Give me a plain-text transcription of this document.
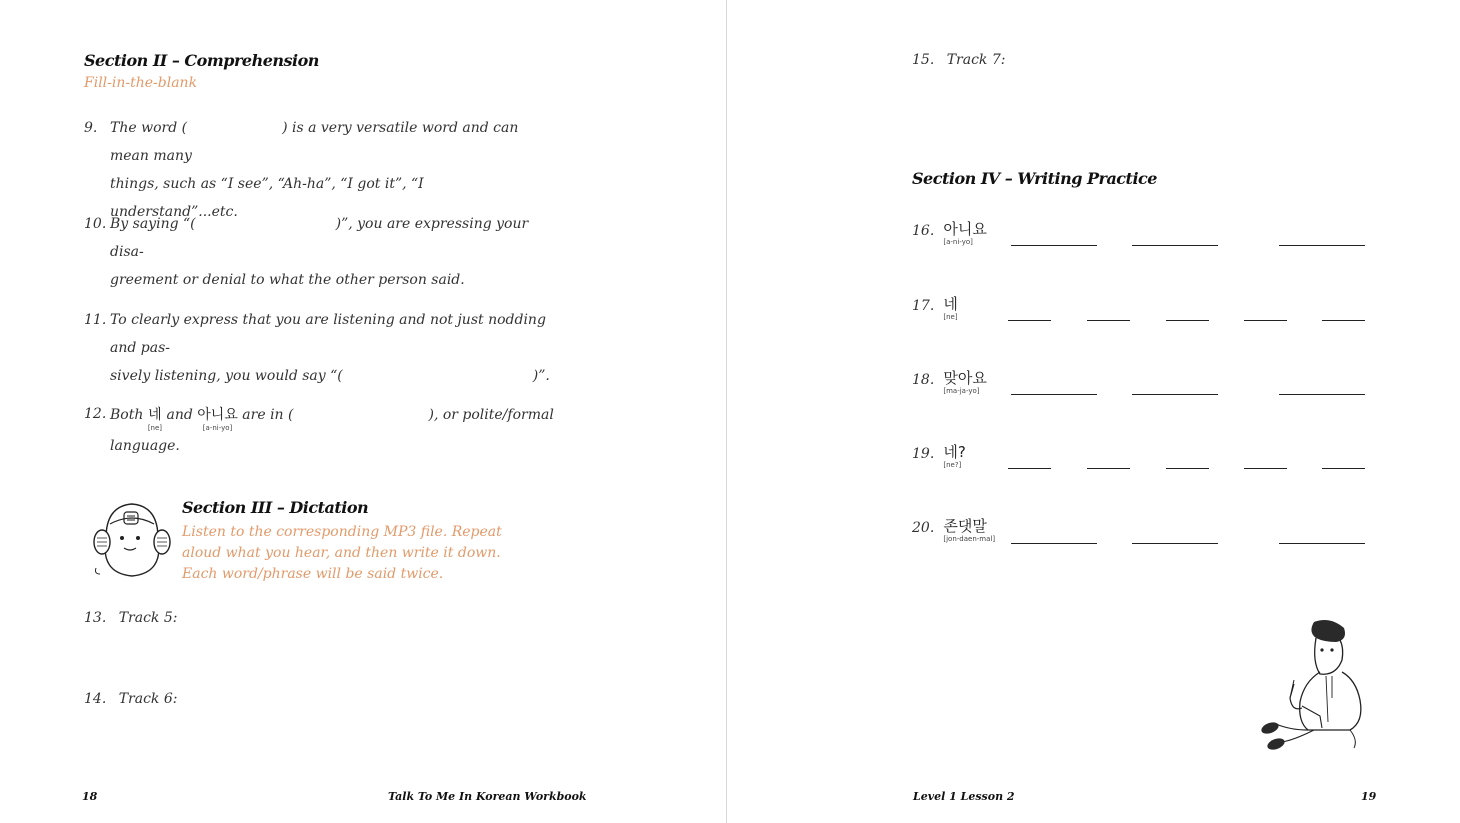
Section II – Comprehension
Fill-in-the-blank
9. The word (	) is a very versatile word and can mean many
things, such as “I see”, “Ah-ha”, “I got it”, “I understand”...etc.
10. By saying “(	)”, you are expressing your disa-
greement or denial to what the other person said.
11. To clearly express that you are listening and not just nodding and pas-
sively listening, you would say “(	)”.
12. Both 네
[ne]
and 아니요
[a-ni-yo]
are in (	), or polite/formal
language.
Section III – Dictation
Listen to the corresponding MP3 file. Repeat aloud what you hear, and then write it down. Each word/phrase will be said twice.
13. Track 5:
14. Track 6:
18	Talk To Me In Korean Workbook
15. Track 7:
Section IV – Writing Practice
16. 아니요
[a-ni-yo]
17. 네
[ne]
18. 맞아요
[ma-ja-yo]
19. 네?
[ne?]
20. 존댓말
[jon-daen-mal]
Level 1 Lesson 2	19
